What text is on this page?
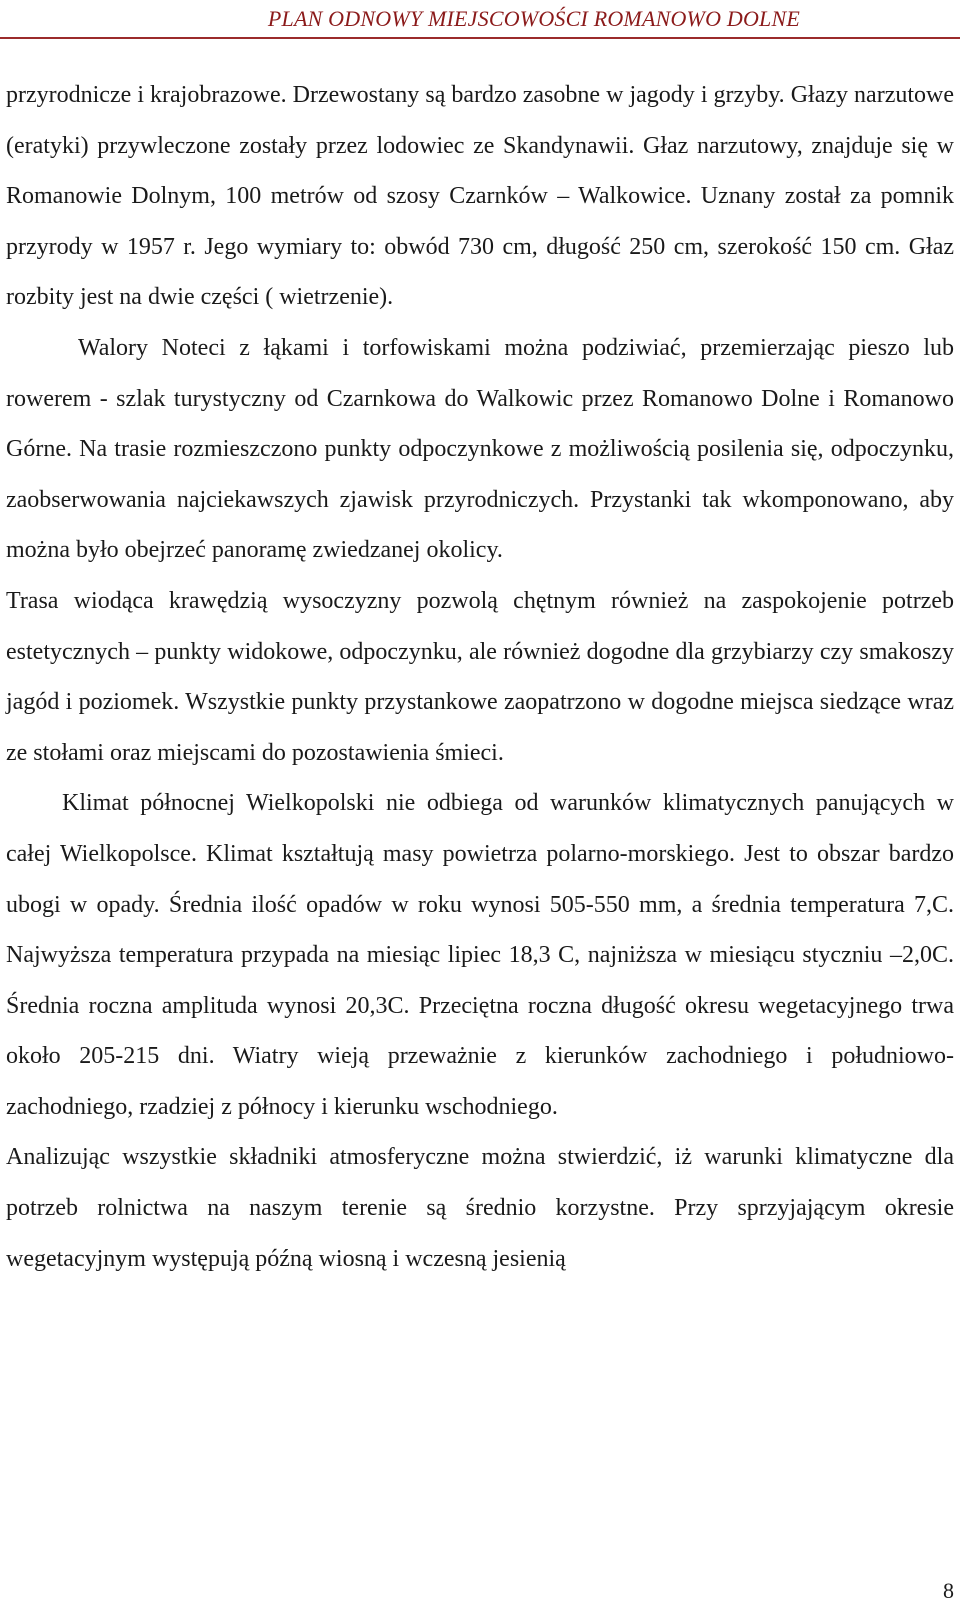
PLAN ODNOWY MIEJSCOWOŚCI ROMANOWO DOLNE

przyrodnicze i krajobrazowe. Drzewostany są bardzo zasobne w jagody i grzyby. Głazy narzutowe (eratyki) przywleczone zostały przez lodowiec ze Skandynawii. Głaz narzutowy, znajduje się w Romanowie Dolnym, 100 metrów od szosy Czarnków – Walkowice. Uznany został za pomnik przyrody w 1957 r. Jego wymiary to: obwód 730 cm, długość 250 cm, szerokość 150 cm. Głaz rozbity jest na dwie części ( wietrzenie).

Walory Noteci z łąkami i torfowiskami można podziwiać, przemierzając pieszo lub rowerem - szlak turystyczny od Czarnkowa do Walkowic przez Romanowo Dolne i Romanowo Górne. Na trasie rozmieszczono punkty odpoczynkowe z możliwością posilenia się, odpoczynku, zaobserwowania najciekawszych zjawisk przyrodniczych. Przystanki tak wkomponowano, aby można było obejrzeć panoramę zwiedzanej okolicy.

Trasa wiodąca krawędzią wysoczyzny pozwolą chętnym również na zaspokojenie potrzeb estetycznych – punkty widokowe, odpoczynku, ale również dogodne dla grzybiarzy czy smakoszy jagód i poziomek. Wszystkie punkty przystankowe zaopatrzono w dogodne miejsca siedzące wraz ze stołami oraz miejscami do pozostawienia śmieci.

Klimat północnej Wielkopolski nie odbiega od warunków klimatycznych panujących w całej Wielkopolsce. Klimat kształtują masy powietrza polarno-morskiego. Jest to obszar bardzo ubogi w opady. Średnia ilość opadów w roku wynosi 505-550 mm, a średnia temperatura 7,C. Najwyższa temperatura przypada na miesiąc lipiec 18,3 C, najniższa w miesiącu styczniu –2,0C. Średnia roczna amplituda wynosi 20,3C. Przeciętna roczna długość okresu wegetacyjnego trwa około 205-215 dni. Wiatry wieją przeważnie z kierunków zachodniego i południowo-zachodniego, rzadziej z północy i kierunku wschodniego.

Analizując wszystkie składniki atmosferyczne można stwierdzić, iż warunki klimatyczne dla potrzeb rolnictwa na naszym terenie są średnio korzystne. Przy sprzyjającym okresie wegetacyjnym występują późną wiosną i wczesną jesienią

8
